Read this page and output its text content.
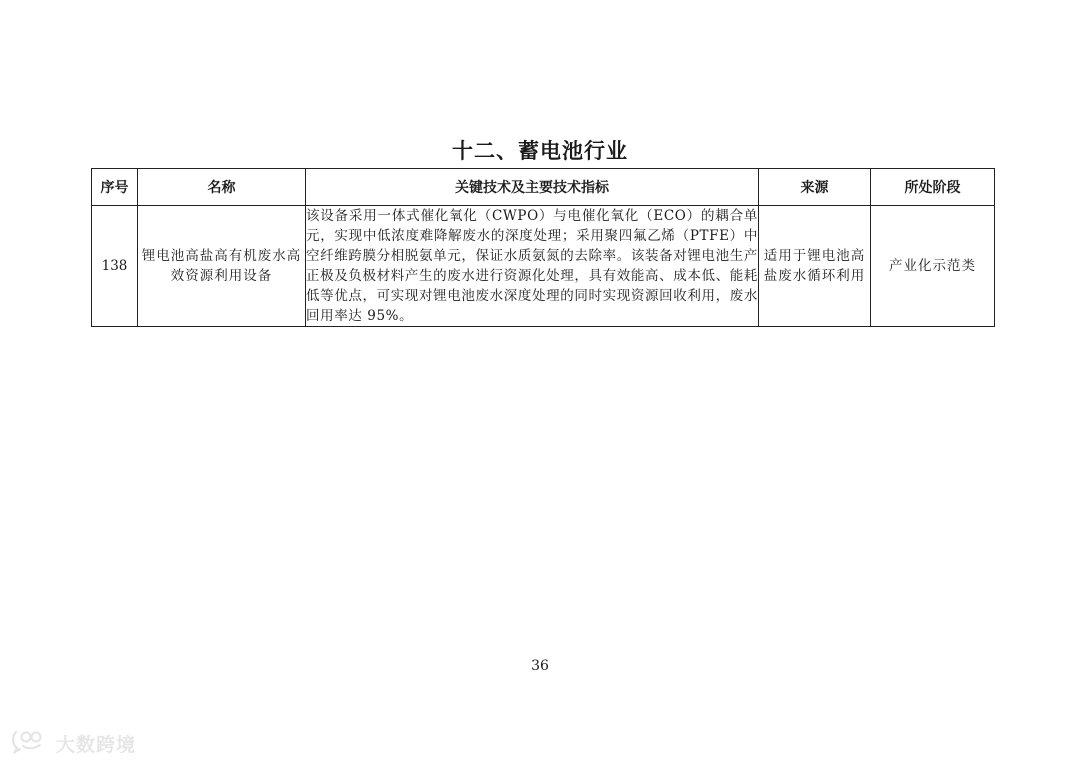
十二、蓄电池行业
序号	名称	关键技术及主要技术指标	来源	所处阶段
138	锂电池高盐高有机废水高效资源利用设备	该设备采用一体式催化氧化（CWPO）与电催化氧化（ECO）的耦合单元，实现中低浓度难降解废水的深度处理；采用聚四氟乙烯（PTFE）中空纤维跨膜分相脱氨单元，保证水质氨氮的去除率。该装备对锂电池生产正极及负极材料产生的废水进行资源化处理，具有效能高、成本低、能耗低等优点，可实现对锂电池废水深度处理的同时实现资源回收利用，废水回用率达 95%。	适用于锂电池高盐废水循环利用	产业化示范类
36
大数跨境
